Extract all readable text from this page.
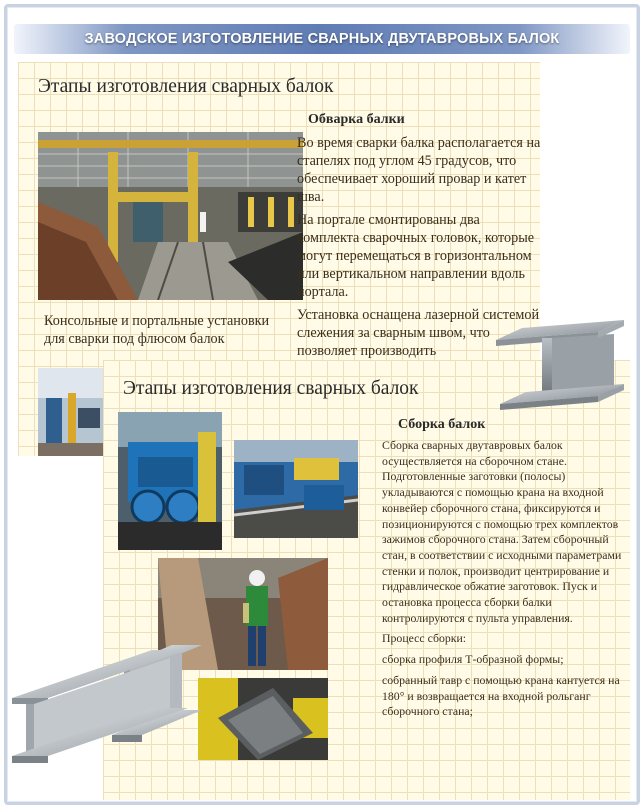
ЗАВОДСКОЕ ИЗГОТОВЛЕНИЕ СВАРНЫХ ДВУТАВРОВЫХ БАЛОК
Этапы изготовления сварных балок
Обварка балки

Во время сварки балка располагается на стапелях под углом 45 градусов, что обеспечивает хороший провар и катет шва.

На портале смонтированы два комплекта сварочных головок, которые могут перемещаться в горизонтальном или вертикальном направлении вдоль портала.

Установка оснащена лазерной системой слежения за сварным швом, что позволяет производить

Консольные и портальные установки для сварки под флюсом балок
Этапы изготовления сварных балок
Сборка балок

Сборка сварных двутавровых балок осуществляется на сборочном стане. Подготовленные заготовки (полосы) укладываются с помощью крана на входной конвейер сборочного стана, фиксируются и позиционируются с помощью трех комплектов зажимов сборочного стана. Затем сборочный стан, в соответствии с исходными параметрами стенки и полок, производит центрирование и гидравлическое обжатие заготовок. Пуск и остановка процесса сборки балки контролируются с пульта управления.

Процесс сборки:

сборка профиля Т-образной формы;

собранный тавр с помощью крана кантуется на 180° и возвращается на входной рольганг сборочного стана;
